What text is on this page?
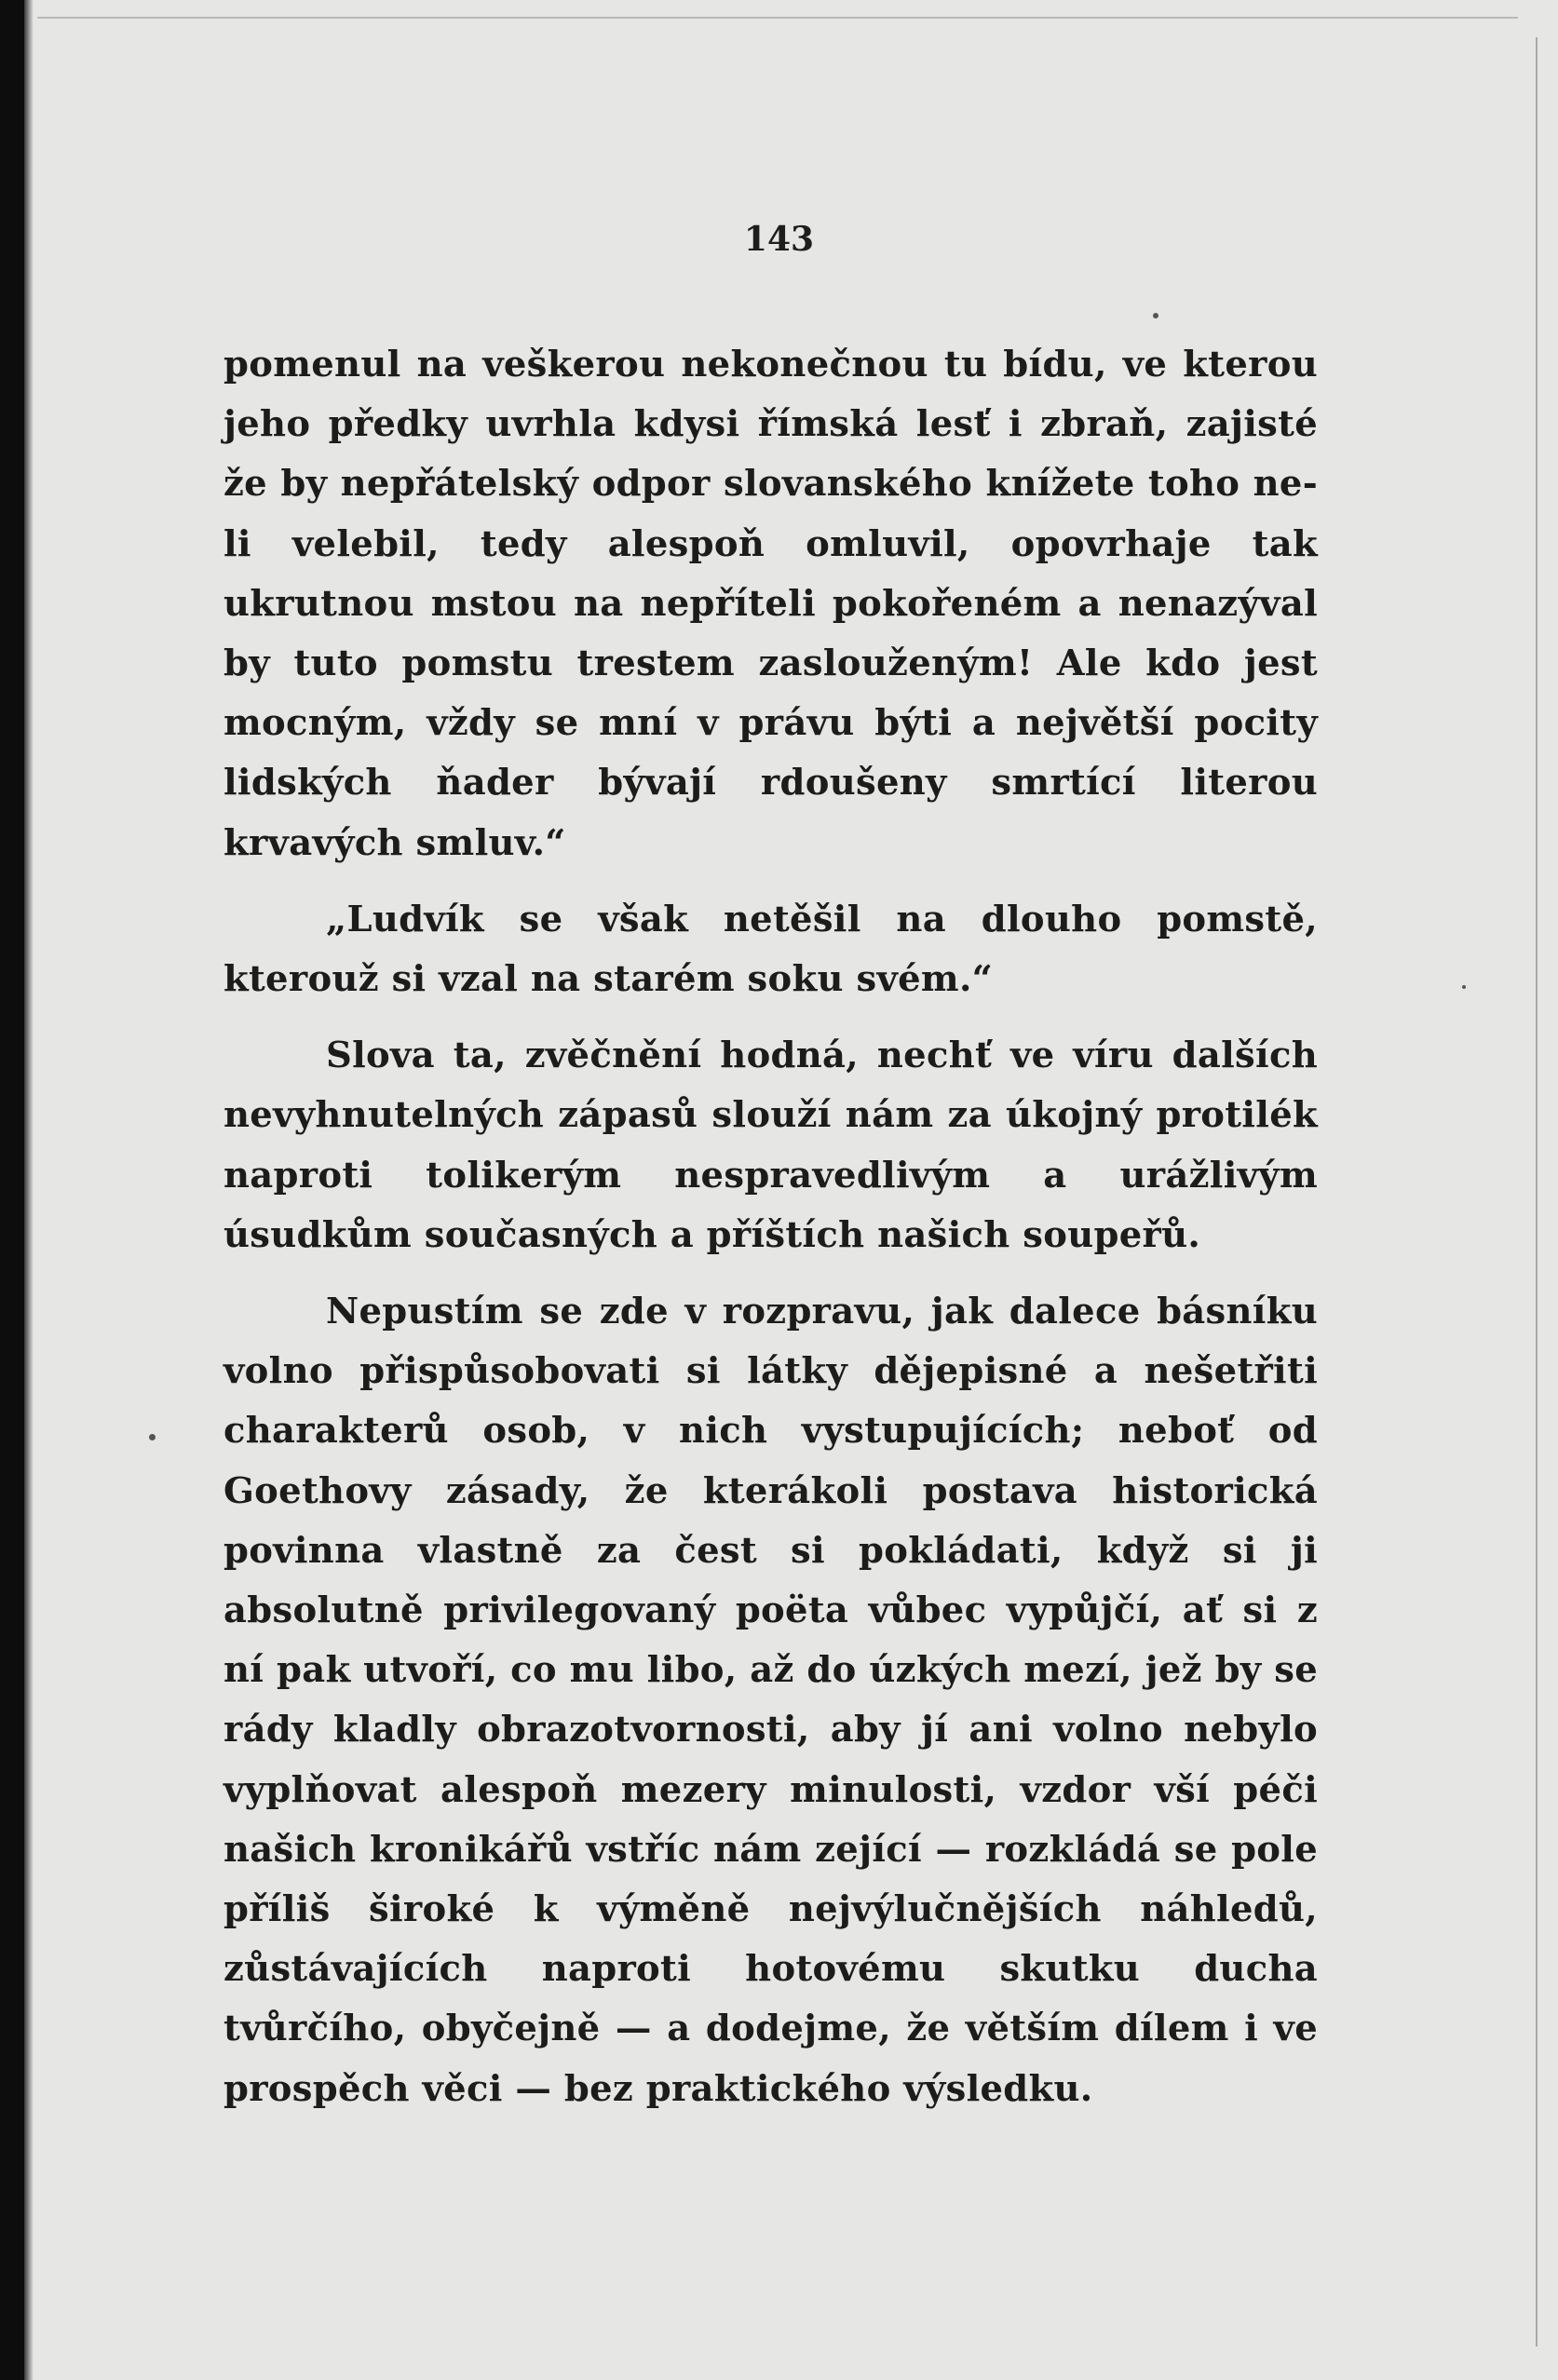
143

pomenul na veškerou nekonečnou tu bídu, ve kterou jeho předky uvrhla kdysi římská lesť i zbraň, zajisté že by nepřátelský odpor slovanského knížete toho ne-li velebil, tedy alespoň omluvil, opovrhaje tak ukrutnou mstou na nepříteli pokořeném a nenazýval by tuto pomstu trestem zaslouženým! Ale kdo jest mocným, vždy se mní v právu býti a největší pocity lidských ňader bývají rdoušeny smrtící literou krvavých smluv.“

„Ludvík se však netěšil na dlouho pomstě, kterouž si vzal na starém soku svém.“

Slova ta, zvěčnění hodná, nechť ve víru dalších nevyhnutelných zápasů slouží nám za úkojný protilék naproti tolikerým nespravedlivým a urážlivým úsudkům současných a příštích našich soupeřů.

Nepustím se zde v rozpravu, jak dalece básníku volno přispůsobovati si látky dějepisné a nešetřiti charakterů osob, v nich vystupujících; neboť od Goethovy zásady, že kterákoli postava historická povinna vlastně za čest si pokládati, když si ji absolutně privilegovaný poëta vůbec vypůjčí, ať si z ní pak utvoří, co mu libo, až do úzkých mezí, jež by se rády kladly obrazotvornosti, aby jí ani volno nebylo vyplňovat alespoň mezery minulosti, vzdor vší péči našich kronikářů vstříc nám zející — rozkládá se pole příliš široké k výměně nejvýlučnějších náhledů, zůstávajících naproti hotovému skutku ducha tvůrčího, obyčejně — a dodejme, že větším dílem i ve prospěch věci — bez praktického výsledku.
